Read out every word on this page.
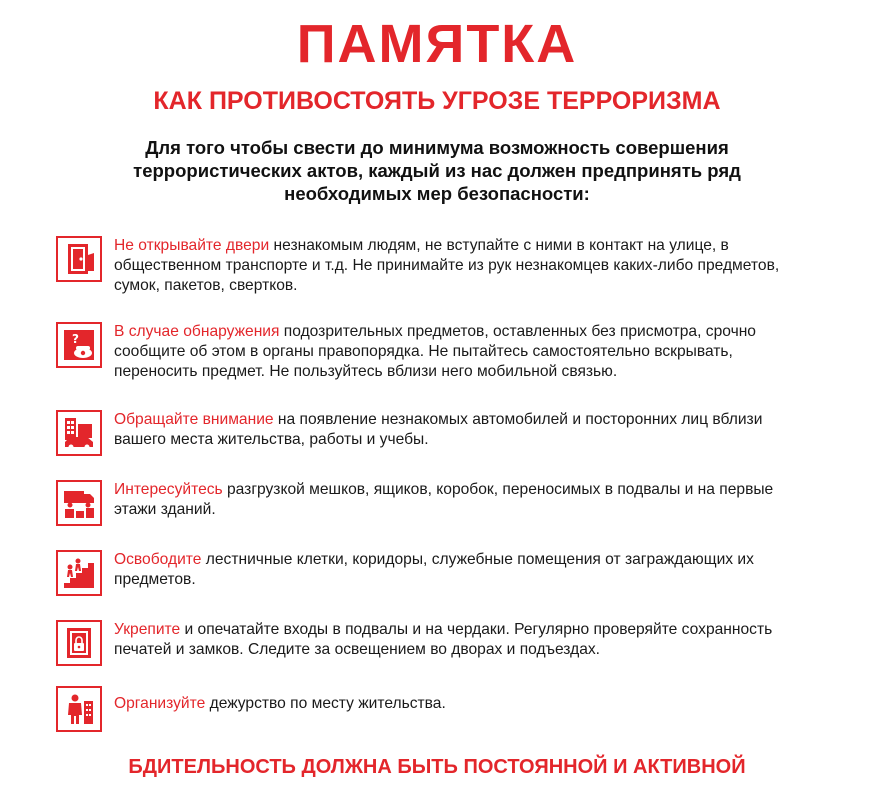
ПАМЯТКА
КАК ПРОТИВОСТОЯТЬ УГРОЗЕ ТЕРРОРИЗМА
Для того чтобы свести до минимума возможность совершения террористических актов, каждый из нас должен предпринять ряд необходимых мер безопасности:
Не открывайте двери незнакомым людям, не вступайте с ними в контакт на улице, в общественном транспорте и т.д. Не принимайте из рук незнакомцев каких-либо предметов, сумок, пакетов, свертков.
? В случае обнаружения подозрительных предметов, оставленных без присмотра, срочно сообщите об этом в органы правопорядка. Не пытайтесь самостоятельно вскрывать, переносить предмет. Не пользуйтесь вблизи него мобильной связью.
Обращайте внимание на появление незнакомых автомобилей и посторонних лиц вблизи вашего места жительства, работы и учебы.
Интересуйтесь разгрузкой мешков, ящиков, коробок, переносимых в подвалы и на первые этажи зданий.
Освободите лестничные клетки, коридоры, служебные помещения от заграждающих их предметов.
Укрепите и опечатайте входы в подвалы и на чердаки. Регулярно проверяйте сохранность печатей и замков. Следите за освещением во дворах и подъездах.
Организуйте дежурство по месту жительства.
БДИТЕЛЬНОСТЬ ДОЛЖНА БЫТЬ ПОСТОЯННОЙ И АКТИВНОЙ
